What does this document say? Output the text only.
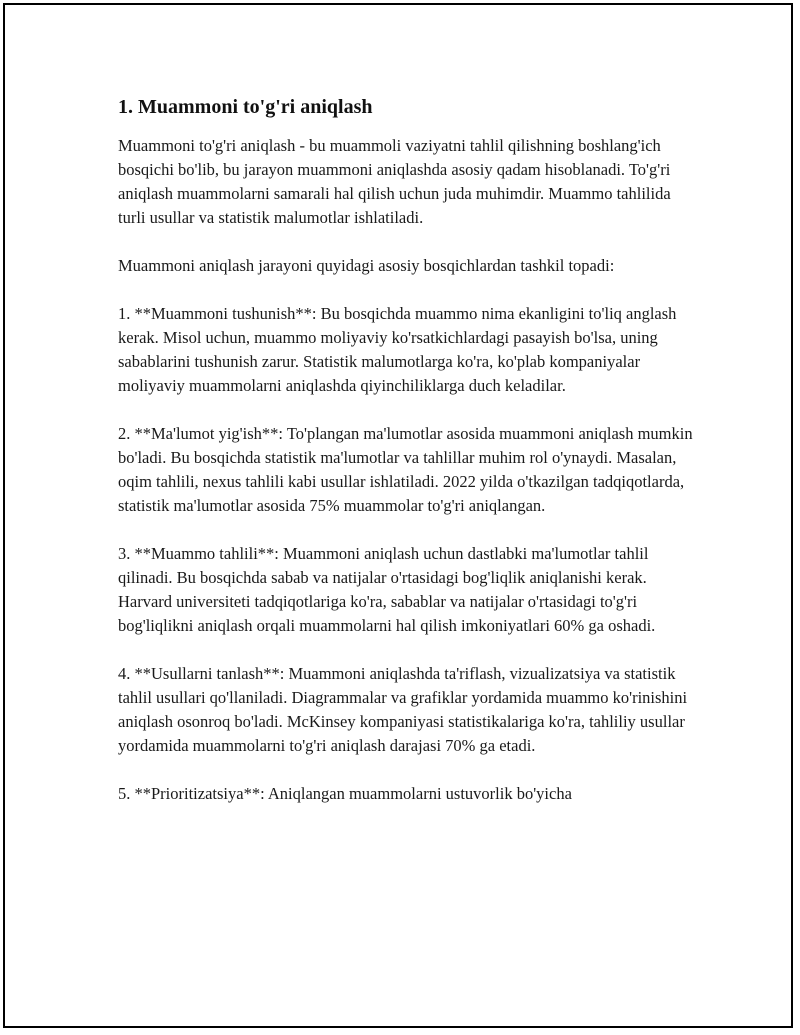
1. Muammoni to'g'ri aniqlash

Muammoni to'g'ri aniqlash - bu muammoli vaziyatni tahlil qilishning boshlang'ich bosqichi bo'lib, bu jarayon muammoni aniqlashda asosiy qadam hisoblanadi. To'g'ri aniqlash muammolarni samarali hal qilish uchun juda muhimdir. Muammo tahlilida turli usullar va statistik malumotlar ishlatiladi.

Muammoni aniqlash jarayoni quyidagi asosiy bosqichlardan tashkil topadi:

1. **Muammoni tushunish**: Bu bosqichda muammo nima ekanligini to'liq anglash kerak. Misol uchun, muammo moliyaviy ko'rsatkichlardagi pasayish bo'lsa, uning sabablarini tushunish zarur. Statistik malumotlarga ko'ra, ko'plab kompaniyalar moliyaviy muammolarni aniqlashda qiyinchiliklarga duch keladilar.

2. **Ma'lumot yig'ish**: To'plangan ma'lumotlar asosida muammoni aniqlash mumkin bo'ladi. Bu bosqichda statistik ma'lumotlar va tahlillar muhim rol o'ynaydi. Masalan, oqim tahlili, nexus tahlili kabi usullar ishlatiladi. 2022 yilda o'tkazilgan tadqiqotlarda, statistik ma'lumotlar asosida 75% muammolar to'g'ri aniqlangan.

3. **Muammo tahlili**: Muammoni aniqlash uchun dastlabki ma'lumotlar tahlil qilinadi. Bu bosqichda sabab va natijalar o'rtasidagi bog'liqlik aniqlanishi kerak. Harvard universiteti tadqiqotlariga ko'ra, sabablar va natijalar o'rtasidagi to'g'ri bog'liqlikni aniqlash orqali muammolarni hal qilish imkoniyatlari 60% ga oshadi.

4. **Usullarni tanlash**: Muammoni aniqlashda ta'riflash, vizualizatsiya va statistik tahlil usullari qo'llaniladi. Diagrammalar va grafiklar yordamida muammo ko'rinishini aniqlash osonroq bo'ladi. McKinsey kompaniyasi statistikalariga ko'ra, tahliliy usullar yordamida muammolarni to'g'ri aniqlash darajasi 70% ga etadi.

5. **Prioritizatsiya**: Aniqlangan muammolarni ustuvorlik bo'yicha
